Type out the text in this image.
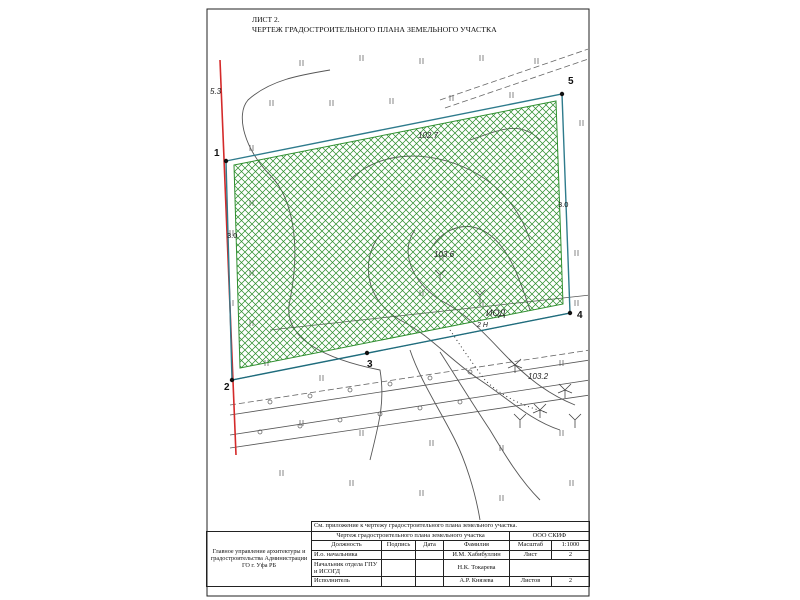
ЛИСТ 2.
ЧЕРТЕЖ ГРАДОСТРОИТЕЛЬНОГО ПЛАНА ЗЕМЕЛЬНОГО УЧАСТКА
1
2
3
4
5
3.0
3.0
102.7
103.6
103.2
5.3
ИОД
2 Н
	См. приложение к чертежу градостроительного плана земельного участка.					
Главное управление архитектуры и градостроительства Администрации ГО г. Уфа РБ	Чертеж градостроительного плана земельного участка				ООО СКИФ	
	Должность	Подпись	Дата	Фамилия	Масштаб	1:1000
	И.о. начальника			И.М. Хабибуллин	Лист	2
	Начальник отдела ГПУ и ИСОГД			Н.К. Токарева		
	Исполнитель			А.Р. Князева	Листов	2
